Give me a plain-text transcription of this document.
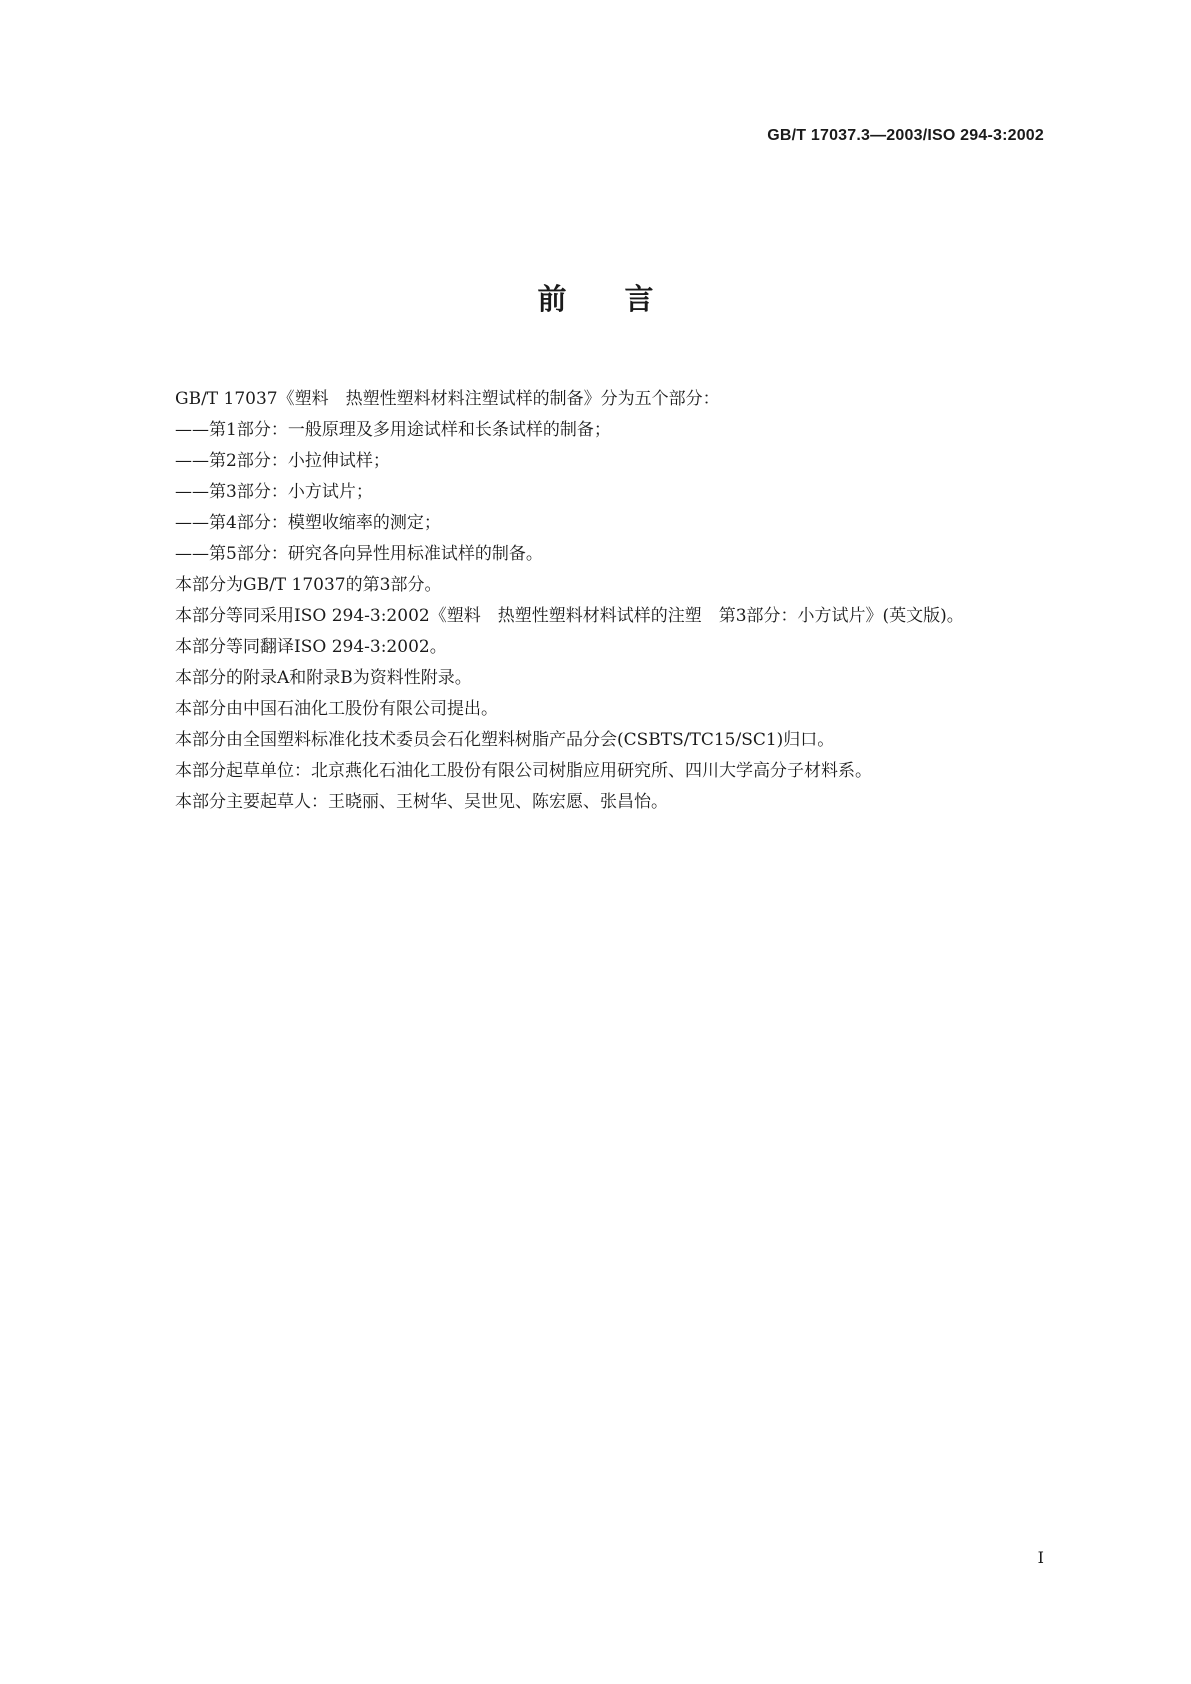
GB/T 17037.3—2003/ISO 294-3:2002
前言

GB/T 17037《塑料　热塑性塑料材料注塑试样的制备》分为五个部分：

——第1部分：一般原理及多用途试样和长条试样的制备；

——第2部分：小拉伸试样；

——第3部分：小方试片；

——第4部分：模塑收缩率的测定；

——第5部分：研究各向异性用标准试样的制备。

本部分为GB/T 17037的第3部分。

本部分等同采用ISO 294-3:2002《塑料　热塑性塑料材料试样的注塑　第3部分：小方试片》(英文版)。

本部分等同翻译ISO 294-3:2002。

本部分的附录A和附录B为资料性附录。

本部分由中国石油化工股份有限公司提出。

本部分由全国塑料标准化技术委员会石化塑料树脂产品分会(CSBTS/TC15/SC1)归口。

本部分起草单位：北京燕化石油化工股份有限公司树脂应用研究所、四川大学高分子材料系。

本部分主要起草人：王晓丽、王树华、吴世见、陈宏愿、张昌怡。

I
